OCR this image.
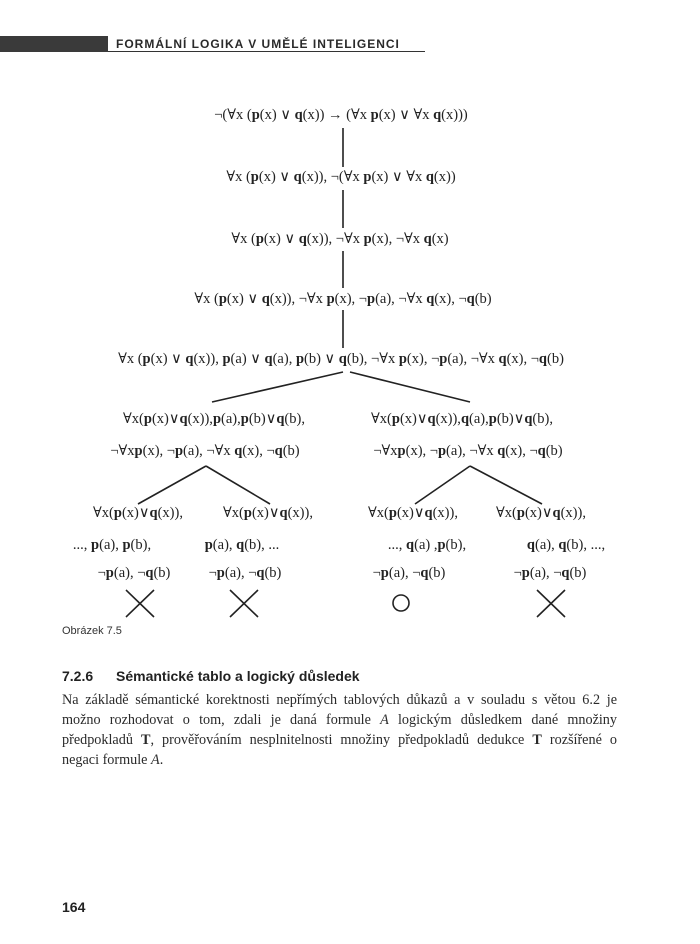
FORMÁLNÍ LOGIKA V UMĚLÉ INTELIGENCI
¬(∀x (p(x) ∨ q(x)) → (∀x p(x) ∨ ∀x q(x)))
∀x (p(x) ∨ q(x)), ¬(∀x p(x) ∨ ∀x q(x))
∀x (p(x) ∨ q(x)), ¬∀x p(x), ¬∀x q(x)
∀x (p(x) ∨ q(x)), ¬∀x p(x), ¬p(a), ¬∀x q(x), ¬q(b)
∀x (p(x) ∨ q(x)), p(a) ∨ q(a), p(b) ∨ q(b), ¬∀x p(x), ¬p(a), ¬∀x q(x), ¬q(b)
∀x(p(x)∨q(x)),p(a),p(b)∨q(b),
¬∀xp(x), ¬p(a), ¬∀x q(x), ¬q(b)
∀x(p(x)∨q(x)),q(a),p(b)∨q(b),
¬∀xp(x), ¬p(a), ¬∀x q(x), ¬q(b)
∀x(p(x)∨q(x)),
..., p(a), p(b),
¬p(a), ¬q(b)
∀x(p(x)∨q(x)),
p(a), q(b), ...
¬p(a), ¬q(b)
∀x(p(x)∨q(x)),
..., q(a) ,p(b),
¬p(a), ¬q(b)
∀x(p(x)∨q(x)),
q(a), q(b), ...,
¬p(a), ¬q(b)
Obrázek 7.5
7.2.6 Sémantické tablo a logický důsledek
Na základě sémantické korektnosti nepřímých tablových důkazů a v souladu s větou 6.2 je možno rozhodovat o tom, zdali je daná formule A logickým důsledkem dané množiny předpokladů T, prověřováním nesplnitelnosti množiny předpokladů dedukce T rozšířené o negaci formule A.
164
